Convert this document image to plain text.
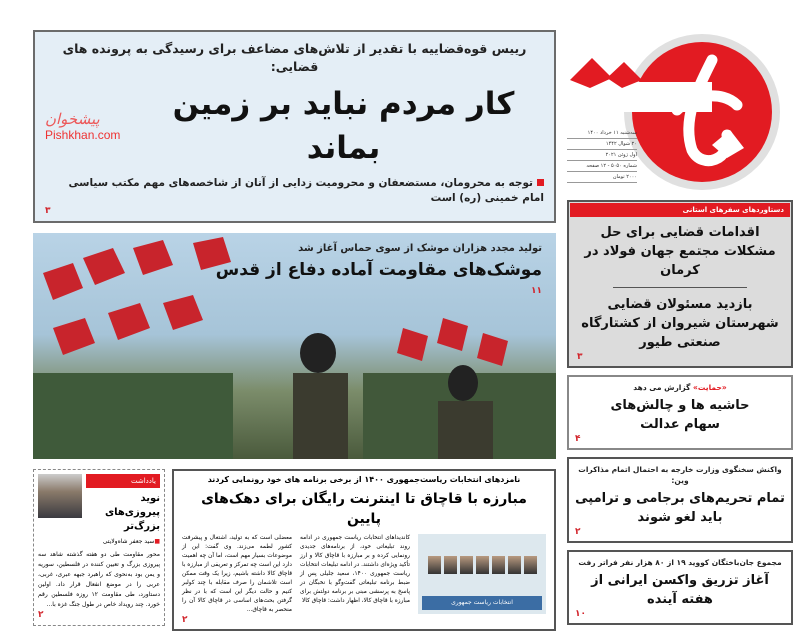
سه‌شنبه ۱۱ خرداد ۱۴۰۰
۲۰ شوال ۱۴۴۲
اول ژوئن ۲۰۲۱
شماره ۵۰۵۰ - ۱۲ صفحه
۲۰۰۰ تومان
رییس قوه‌قضاییه با تقدیر از تلاش‌های مضاعف برای رسیدگی به پرونده های قضایی:
کار مردم نباید بر زمین بماند
پیشخوان
Pishkhan.com
توجه به محرومان، مستضعفان و محرومیت زدایی از آنان از شاخصه‌های مهم مکتب سیاسی امام خمینی (ره) است
۳
تولید مجدد هزاران موشک از سوی حماس آغاز شد
موشک‌های مقاومت آماده دفاع از قدس
۱۱
یادداشت
نوید پیروزی‌های بزرگ‌تر
■سید جعفر شاه‌ولایتی
محور مقاومت طی دو هفته گذشته شاهد سه پیروزی بزرگ و تعیین کننده در فلسطین، سوریه و یمن بود به‌نحوی که راهبرد جبهه عبری، غربی، عربی را در موضع انفعال قرار داد. اولین دستاورد، طی مقاومت ۱۲ روزه فلسطین رقم خورد. چند رویداد خاص در طول جنگ غزه با...
۲
نامزدهای انتخابات ریاست‌جمهوری ۱۴۰۰ از برخی برنامه های خود رونمایی کردند
مبارزه با قاچاق تا اینترنت رایگان برای دهک‌های پایین
انتخابات ریاست جمهوری
کاندیداهای انتخابات ریاست جمهوری در ادامه روند تبلیغاتی خود، از برنامه‌های جدیدی رونمایی کرده و بر مبارزه با قاچاق کالا و ارز تأکید ویژه‌ای داشتند. در ادامه تبلیغات انتخابات ریاست جمهوری ۱۴۰۰، سعید جلیلی پس از ضبط برنامه تبلیغاتی گفت‌وگو با نخبگان در پاسخ به پرسشی مبنی بر برنامه دولتش برای مبارزه با قاچاق کالا، اظهار داشت: قاچاق کالا
معضلی است که به تولید، اشتغال و پیشرفت کشور لطمه می‌زند. وی گفت: این از موضوعات بسیار مهم است، اما آن چه اهمیت دارد این است چه تمرکز و تعریفی از مبارزه با قاچاق کالا داشته باشیم، زیرا یک وقت ممکن است تلاشمان را صرف مقابله با چند کولبر کنیم و حالت دیگر این است که با در نظر گرفتن بحث‌های اساسی در قاچاق کالا آن را منحصر به قاچاق...
۲
دستاوردهای سفرهای استانی
اقدامات قضایی برای حل مشکلات مجتمع جهان فولاد در کرمان
بازدید مسئولان قضایی شهرستان شیروان از کشتارگاه صنعتی طیور
۳
«حمایت» گزارش می دهد
حاشیه ها و چالش‌های سهام عدالت
۴
واکنش سخنگوی وزارت خارجه به احتمال اتمام مذاکرات وین:
تمام تحریم‌های برجامی و ترامپی باید لغو شوند
۲
مجموع جان‌باختگان کووید ۱۹ از ۸۰ هزار نفر فراتر رفت
آغاز تزریق واکسن ایرانی از هفته آینده
۱۰
